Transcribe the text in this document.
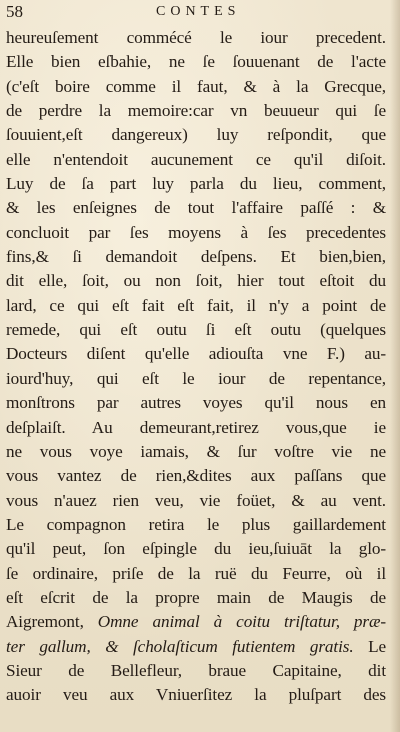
58	CONTES
heureuſement commécé le iour precedent.
Elle bien eſbahie, ne ſe ſouuenant de l'acte
(c'eſt boire comme il faut, & à la Grecque,
de perdre la memoire:car vn beuueur qui ſe
ſouuient,eſt dangereux) luy reſpondit, que
elle n'entendoit aucunement ce qu'il diſoit.
Luy de ſa part luy parla du lieu, comment,
& les enſeignes de tout l'affaire paſſé : &
concluoit par ſes moyens à ſes precedentes
fins,& ſi demandoit deſpens. Et bien,bien,
dit elle, ſoit, ou non ſoit, hier tout eſtoit du
lard, ce qui eſt fait eſt fait, il n'y a point de
remede, qui eſt outu ſi eſt outu (quelques
Docteurs diſent qu'elle adiouſta vne F.) au-
iourd'huy, qui eſt le iour de repentance,
monſtrons par autres voyes qu'il nous en
deſplaiſt. Au demeurant,retirez vous,que ie
ne vous voye iamais, & ſur voſtre vie ne
vous vantez de rien,&dites aux paſſans que
vous n'auez rien veu, vie foüet, & au vent.
Le compagnon retira le plus gaillardement
qu'il peut, ſon eſpingle du ieu,ſuiuāt la glo-
ſe ordinaire, priſe de la ruë du Feurre, où il
eſt eſcrit de la propre main de Maugis de
Aigremont, Omne animal à coitu triſtatur, præ-
ter gallum, & ſcholaſticum futientem gratis. Le
Sieur de Bellefleur, braue Capitaine, dit
auoir veu aux Vniuerſitez la pluſpart des
